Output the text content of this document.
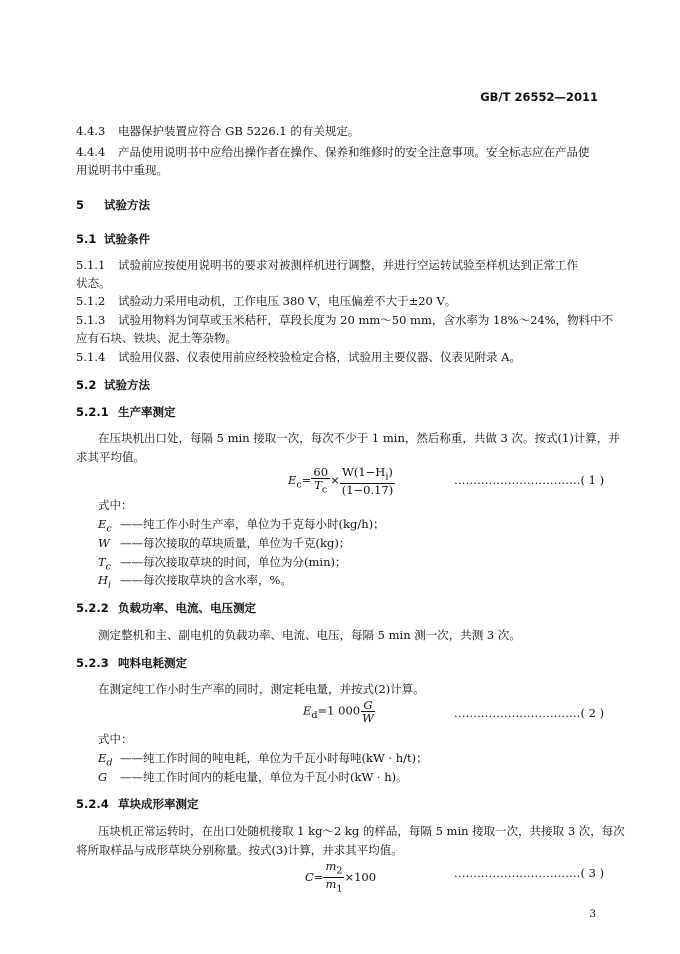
GB/T 26552—2011
4.4.3 电器保护装置应符合 GB 5226.1 的有关规定。
4.4.4 产品使用说明书中应给出操作者在操作、保养和维修时的安全注意事项。安全标志应在产品使
用说明书中重现。
5 试验方法
5.1 试验条件
5.1.1 试验前应按使用说明书的要求对被测样机进行调整，并进行空运转试验至样机达到正常工作
状态。
5.1.2 试验动力采用电动机，工作电压 380 V，电压偏差不大于±20 V。
5.1.3 试验用物料为饲草或玉米秸秆，草段长度为 20 mm～50 mm，含水率为 18%～24%，物料中不
应有石块、铁块、泥土等杂物。
5.1.4 试验用仪器、仪表使用前应经校验检定合格，试验用主要仪器、仪表见附录 A。
5.2 试验方法
5.2.1 生产率测定
在压块机出口处，每隔 5 min 接取一次，每次不少于 1 min，然后称重，共做 3 次。按式(1)计算，并
求其平均值。
$E_c= \frac{60}{T_c} \times \frac{W(1-H_i)}{(1-0.17)}$	……………………………( 1 )
式中：
$E_c$ ——纯工作小时生产率，单位为千克每小时(kg/h)；
W ——每次接取的草块质量，单位为千克(kg)；
$T_c$ ——每次接取草块的时间，单位为分(min)；
$H_i$ ——每次接取草块的含水率，%。
5.2.2 负载功率、电流、电压测定
测定整机和主、副电机的负载功率、电流、电压，每隔 5 min 测一次，共测 3 次。
5.2.3 吨料电耗测定
在测定纯工作小时生产率的同时，测定耗电量，并按式(2)计算。
$E_d=1$ $000 \frac{G}{W}$	……………………………( 2 )
式中：
$E_d$ ——纯工作时间的吨电耗，单位为千瓦小时每吨(kW · h/t)；
G ——纯工作时间内的耗电量，单位为千瓦小时(kW · h)。
5.2.4 草块成形率测定
压块机正常运转时，在出口处随机接取 1 kg～2 kg 的样品，每隔 5 min 接取一次，共接取 3 次，每次
将所取样品与成形草块分别称量。按式(3)计算，并求其平均值。
$C= \frac{m_2}{m_1} \times 100$	……………………………( 3 )
3
